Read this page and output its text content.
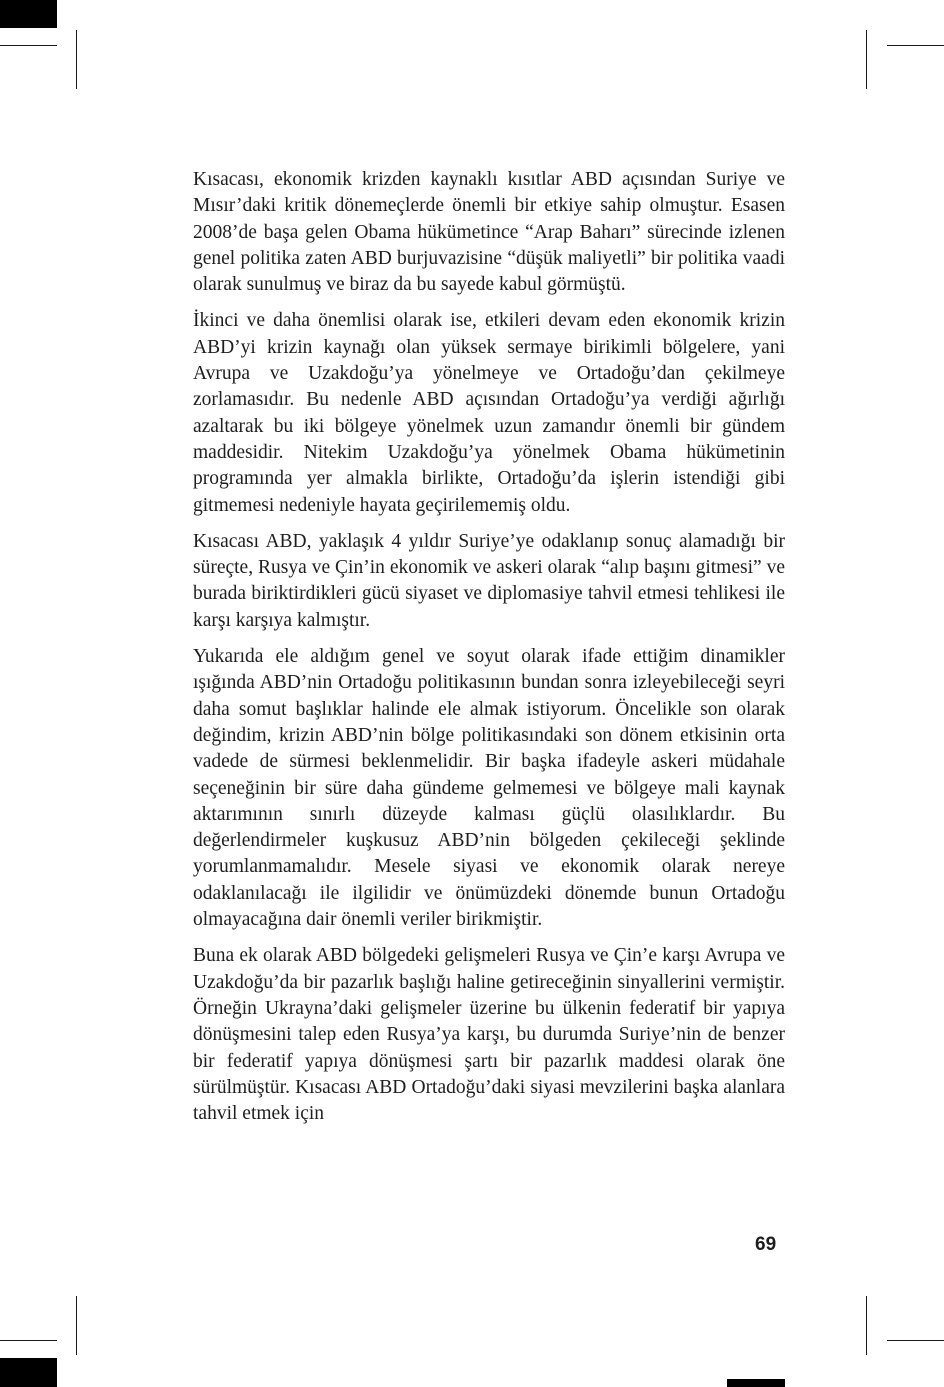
Kısacası, ekonomik krizden kaynaklı kısıtlar ABD açısından Suriye ve Mısır’daki kritik dönemeçlerde önemli bir etkiye sahip olmuştur. Esasen 2008’de başa gelen Obama hükümetince “Arap Baharı” sürecinde izlenen genel politika zaten ABD burjuvazisine “düşük maliyetli” bir politika vaadi olarak sunulmuş ve biraz da bu sayede kabul görmüştü.

İkinci ve daha önemlisi olarak ise, etkileri devam eden ekonomik krizin ABD’yi krizin kaynağı olan yüksek sermaye birikimli bölgelere, yani Avrupa ve Uzakdoğu’ya yönelmeye ve Ortadoğu’dan çekilmeye zorlamasıdır. Bu nedenle ABD açısından Ortadoğu’ya verdiği ağırlığı azaltarak bu iki bölgeye yönelmek uzun zamandır önemli bir gündem maddesidir. Nitekim Uzakdoğu’ya yönelmek Obama hükümetinin programında yer almakla birlikte, Ortadoğu’da işlerin istendiği gibi gitmemesi nedeniyle hayata geçirilememiş oldu.

Kısacası ABD, yaklaşık 4 yıldır Suriye’ye odaklanıp sonuç alamadığı bir süreçte, Rusya ve Çin’in ekonomik ve askeri olarak “alıp başını gitmesi” ve burada biriktirdikleri gücü siyaset ve diplomasiye tahvil etmesi tehlikesi ile karşı karşıya kalmıştır.

Yukarıda ele aldığım genel ve soyut olarak ifade ettiğim dinamikler ışığında ABD’nin Ortadoğu politikasının bundan sonra izleyebileceği seyri daha somut başlıklar halinde ele almak istiyorum. Öncelikle son olarak değindim, krizin ABD’nin bölge politikasındaki son dönem etkisinin orta vadede de sürmesi beklenmelidir. Bir başka ifadeyle askeri müdahale seçeneğinin bir süre daha gündeme gelmemesi ve bölgeye mali kaynak aktarımının sınırlı düzeyde kalması güçlü olasılıklardır. Bu değerlendirmeler kuşkusuz ABD’nin bölgeden çekileceği şeklinde yorumlanmamalıdır. Mesele siyasi ve ekonomik olarak nereye odaklanılacağı ile ilgilidir ve önümüzdeki dönemde bunun Ortadoğu olmayacağına dair önemli veriler birikmiştir.

Buna ek olarak ABD bölgedeki gelişmeleri Rusya ve Çin’e karşı Avrupa ve Uzakdoğu’da bir pazarlık başlığı haline getireceğinin sinyallerini vermiştir. Örneğin Ukrayna’daki gelişmeler üzerine bu ülkenin federatif bir yapıya dönüşmesini talep eden Rusya’ya karşı, bu durumda Suriye’nin de benzer bir federatif yapıya dönüşmesi şartı bir pazarlık maddesi olarak öne sürülmüştür. Kısacası ABD Ortadoğu’daki siyasi mevzilerini başka alanlara tahvil etmek için

69
